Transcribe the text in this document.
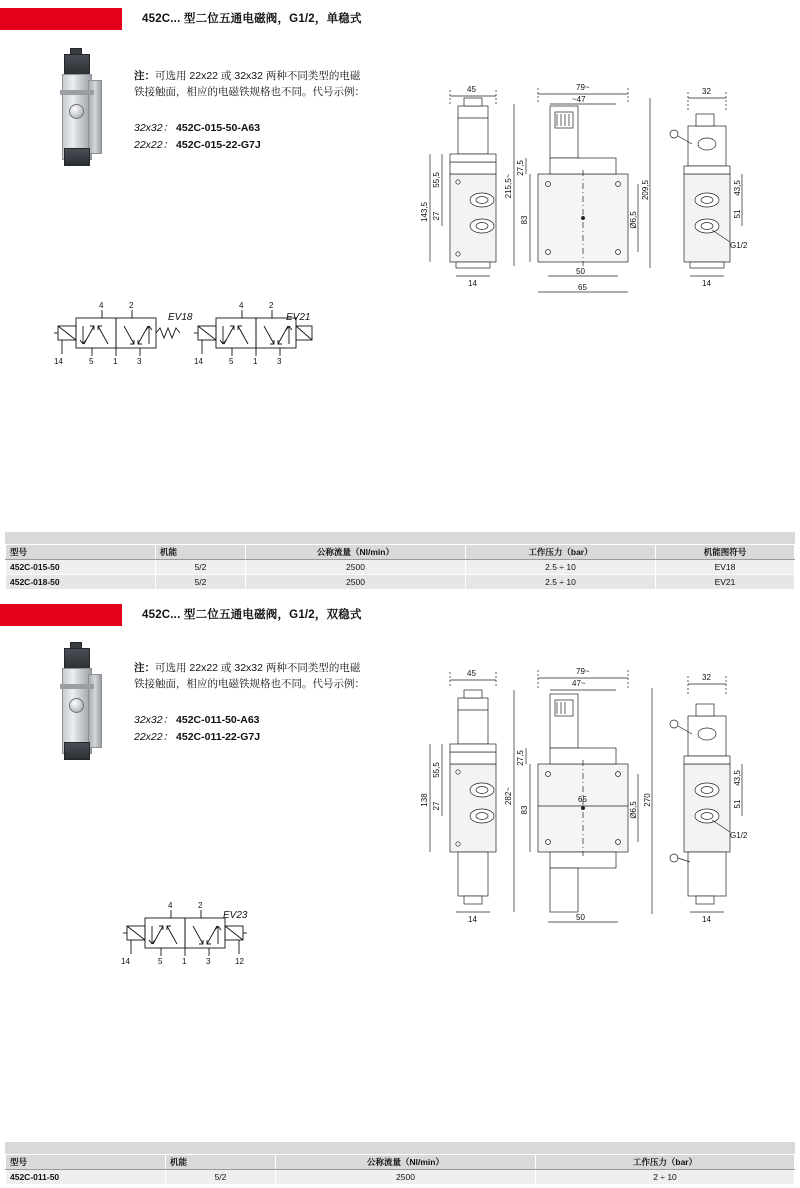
452C... 型二位五通电磁阀，G1/2，单稳式
注：可选用 22x22 或 32x32 两种不同类型的电磁铁接触面，相应的电磁铁规格也不同。代号示例：
32x32： 452C-015-50-A63
22x22： 452C-015-22-G7J
45
143,5
55,5
27
14
79~
~47
27,5
215,5~
83	Ø6,5
50
65
209,5
32
43,5
51
14
G1/2
4	2
5 1 3
14
EV18
4	2
5 1 3
14
EV21
型号	机能	公称流量（Nl/min）	工作压力（bar）	机能图符号
452C-015-50	5/2	2500	2.5 ÷ 10	EV18
452C-018-50	5/2	2500	2.5 ÷ 10	EV21
452C... 型二位五通电磁阀，G1/2，双稳式
注：可选用 22x22 或 32x32 两种不同类型的电磁铁接触面，相应的电磁铁规格也不同。代号示例：
32x32： 452C-011-50-A63
22x22： 452C-011-22-G7J
45
138
55,5
27
14
79~
47~
27,5
282~
83
65
Ø6,5
50
270
32
43,5
51
14
G1/2
4	2
5 1 3
14	12
EV23
型号	机能	公称流量（Nl/min）	工作压力（bar）
452C-011-50	5/2	2500	2 ÷ 10
